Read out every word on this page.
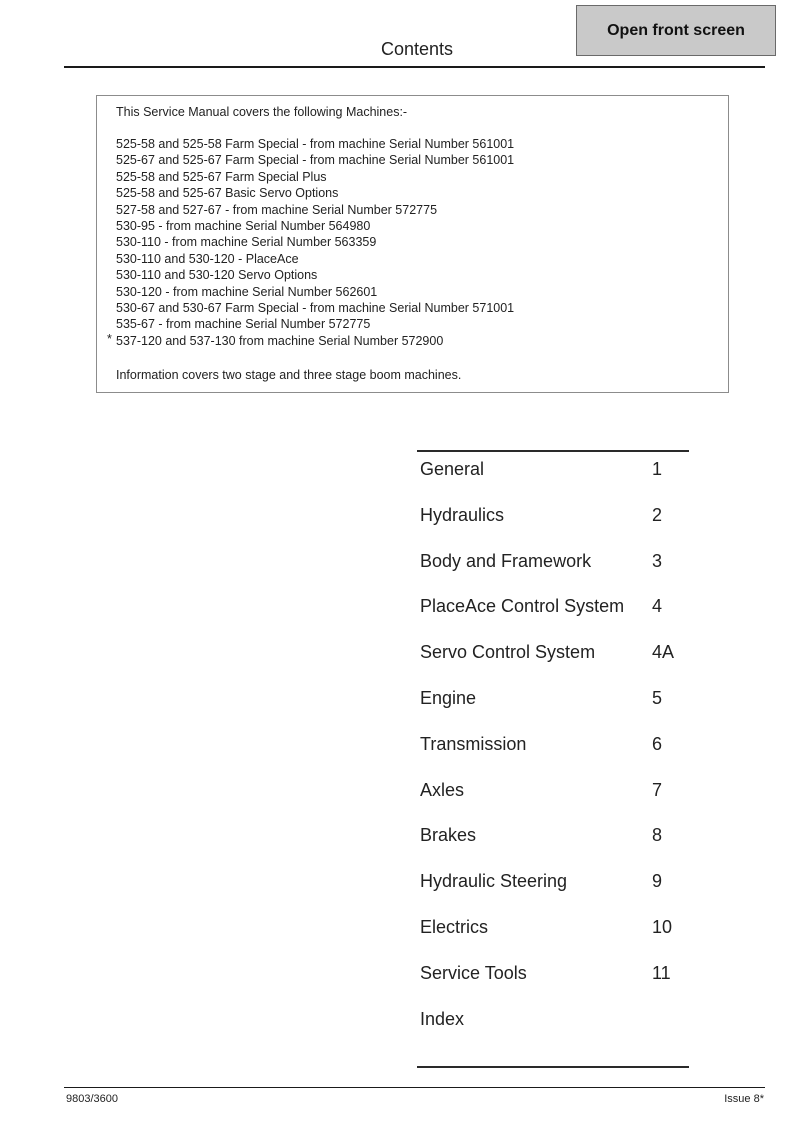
Open front screen
Contents
This Service Manual covers the following Machines:-
525-58 and 525-58 Farm Special - from machine Serial Number 561001
525-67 and 525-67 Farm Special - from machine Serial Number 561001
525-58 and 525-67 Farm Special Plus
525-58 and 525-67 Basic Servo Options
527-58 and 527-67 - from machine Serial Number 572775
530-95 - from machine Serial Number 564980
530-110 - from machine Serial Number 563359
530-110 and 530-120 - PlaceAce
530-110 and 530-120 Servo Options
530-120 - from machine Serial Number 562601
530-67 and 530-67 Farm Special - from machine Serial Number 571001
535-67 - from machine Serial Number 572775
* 537-120 and 537-130 from machine Serial Number 572900
Information covers two stage and three stage boom machines.
General	1
Hydraulics	2
Body and Framework	3
PlaceAce Control System 4
Servo Control System	4A
Engine	5
Transmission	6
Axles	7
Brakes	8
Hydraulic Steering	9
Electrics	10
Service Tools	11
Index
9803/3600	Issue 8*
